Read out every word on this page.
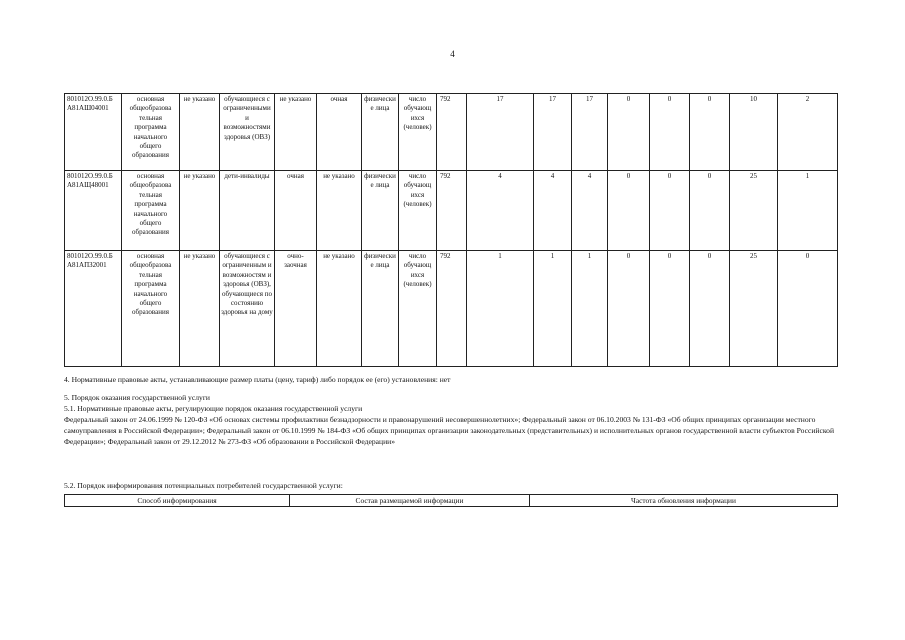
4
801012О.99.0.Б А81АШ04001	основная общеобразова тельная программа начального общего образования	не указано	обучающиеся с ограниченными и возможностями здоровья (ОВЗ)	не указано	очная	физические лица	число обучающ ихся (человек)	792	17	17	17	0	0	0	10	2
801012О.99.0.Б А81АЩ48001	основная общеобразова тельная программа начального общего образования	не указано	дети-инвалиды	очная	не указано	физические лица	число обучающ ихся (человек)	792	4	4	4	0	0	0	25	1
801012О.99.0.Б А81АПЗ2001	основная общеобразова тельная программа начального общего образования	не указано	обучающиеся с ограниченным и возможностям и здоровья (ОВЗ), обучающиеся по состоянию здоровья на дому	очно-заочная	не указано	физические лица	число обучающ ихся (человек)	792	1	1	1	0	0	0	25	0

4. Нормативные правовые акты, устанавливающие размер платы (цену, тариф) либо порядок ее (его) установления: нет

5. Порядок оказания государственной услуги

5.1. Нормативные правовые акты, регулирующие порядок оказания государственной услуги

Федеральный закон от 24.06.1999 № 120-ФЗ «Об основах системы профилактики безнадзорности и правонарушений несовершеннолетних»; Федеральный закон от 06.10.2003 № 131-ФЗ «Об общих принципах организации местного самоуправления в Российской Федерации»; Федеральный закон от 06.10.1999 № 184-ФЗ «Об общих принципах организации законодательных (представительных) и исполнительных органов государственной власти субъектов Российской Федерации»; Федеральный закон от 29.12.2012 № 273-ФЗ «Об образовании в Российской Федерации»

5.2. Порядок информирования потенциальных потребителей государственной услуги:

Способ информирования	Состав размещаемой информации	Частота обновления информации
